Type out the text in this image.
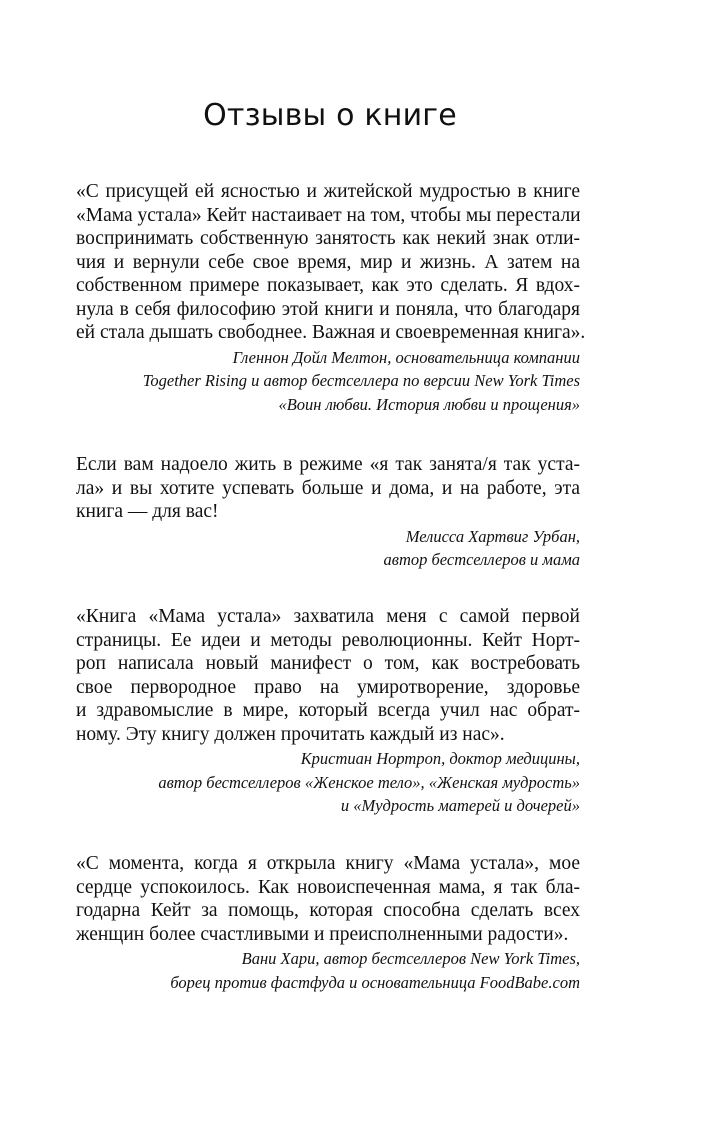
Отзывы о книге
«С присущей ей ясностью и житейской мудростью в книге
«Мама устала» Кейт настаивает на том, чтобы мы перестали
воспринимать собственную занятость как некий знак отли-
чия и вернули себе свое время, мир и жизнь. А затем на
собственном примере показывает, как это сделать. Я вдох-
нула в себя философию этой книги и поняла, что благодаря
ей стала дышать свободнее. Важная и своевременная книга».
Гленнон Дойл Мелтон, основательница компании
Together Rising и автор бестселлера по версии New York Times
«Воин любви. История любви и прощения»
Если вам надоело жить в режиме «я так занята/я так уста-
ла» и вы хотите успевать больше и дома, и на работе, эта
книга — для вас!
Мелисса Хартвиг Урбан,
автор бестселлеров и мама
«Книга «Мама устала» захватила меня с самой первой
страницы. Ее идеи и методы революционны. Кейт Норт-
роп написала новый манифест о том, как востребовать
свое первородное право на умиротворение, здоровье
и здравомыслие в мире, который всегда учил нас обрат-
ному. Эту книгу должен прочитать каждый из нас».
Кристиан Нортроп, доктор медицины,
автор бестселлеров «Женское тело», «Женская мудрость»
и «Мудрость матерей и дочерей»
«С момента, когда я открыла книгу «Мама устала», мое
сердце успокоилось. Как новоиспеченная мама, я так бла-
годарна Кейт за помощь, которая способна сделать всех
женщин более счастливыми и преисполненными радости».
Вани Хари, автор бестселлеров New York Times,
борец против фастфуда и основательница FoodBabe.com
